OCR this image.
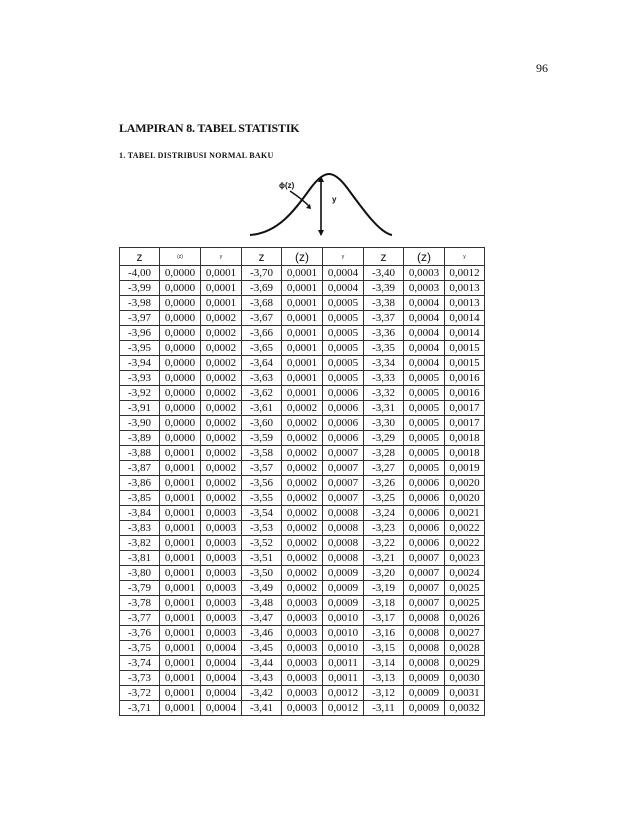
96
LAMPIRAN 8. TABEL STATISTIK
1. TABEL DISTRIBUSI NORMAL BAKU
ϕ(z)
y
z	(z)	y	z	(z)	y	z	(z)	y
-4,00	0,0000	0,0001	-3,70	0,0001	0,0004	-3,40	0,0003	0,0012
-3,99	0,0000	0,0001	-3,69	0,0001	0,0004	-3,39	0,0003	0,0013
-3,98	0,0000	0,0001	-3,68	0,0001	0,0005	-3,38	0,0004	0,0013
-3,97	0,0000	0,0002	-3,67	0,0001	0,0005	-3,37	0,0004	0,0014
-3,96	0,0000	0,0002	-3,66	0,0001	0,0005	-3,36	0,0004	0,0014
-3,95	0,0000	0,0002	-3,65	0,0001	0,0005	-3,35	0,0004	0,0015
-3,94	0,0000	0,0002	-3,64	0,0001	0,0005	-3,34	0,0004	0,0015
-3,93	0,0000	0,0002	-3,63	0,0001	0,0005	-3,33	0,0005	0,0016
-3,92	0,0000	0,0002	-3,62	0,0001	0,0006	-3,32	0,0005	0,0016
-3,91	0,0000	0,0002	-3,61	0,0002	0,0006	-3,31	0,0005	0,0017
-3,90	0,0000	0,0002	-3,60	0,0002	0,0006	-3,30	0,0005	0,0017
-3,89	0,0000	0,0002	-3,59	0,0002	0,0006	-3,29	0,0005	0,0018
-3,88	0,0001	0,0002	-3,58	0,0002	0,0007	-3,28	0,0005	0,0018
-3,87	0,0001	0,0002	-3,57	0,0002	0,0007	-3,27	0,0005	0,0019
-3,86	0,0001	0,0002	-3,56	0,0002	0,0007	-3,26	0,0006	0,0020
-3,85	0,0001	0,0002	-3,55	0,0002	0,0007	-3,25	0,0006	0,0020
-3,84	0,0001	0,0003	-3,54	0,0002	0,0008	-3,24	0,0006	0,0021
-3,83	0,0001	0,0003	-3,53	0,0002	0,0008	-3,23	0,0006	0,0022
-3,82	0,0001	0,0003	-3,52	0,0002	0,0008	-3,22	0,0006	0,0022
-3,81	0,0001	0,0003	-3,51	0,0002	0,0008	-3,21	0,0007	0,0023
-3,80	0,0001	0,0003	-3,50	0,0002	0,0009	-3,20	0,0007	0,0024
-3,79	0,0001	0,0003	-3,49	0,0002	0,0009	-3,19	0,0007	0,0025
-3,78	0,0001	0,0003	-3,48	0,0003	0,0009	-3,18	0,0007	0,0025
-3,77	0,0001	0,0003	-3,47	0,0003	0,0010	-3,17	0,0008	0,0026
-3,76	0,0001	0,0003	-3,46	0,0003	0,0010	-3,16	0,0008	0,0027
-3,75	0,0001	0,0004	-3,45	0,0003	0,0010	-3,15	0,0008	0,0028
-3,74	0,0001	0,0004	-3,44	0,0003	0,0011	-3,14	0,0008	0,0029
-3,73	0,0001	0,0004	-3,43	0,0003	0,0011	-3,13	0,0009	0,0030
-3,72	0,0001	0,0004	-3,42	0,0003	0,0012	-3,12	0,0009	0,0031
-3,71	0,0001	0,0004	-3,41	0,0003	0,0012	-3,11	0,0009	0,0032
